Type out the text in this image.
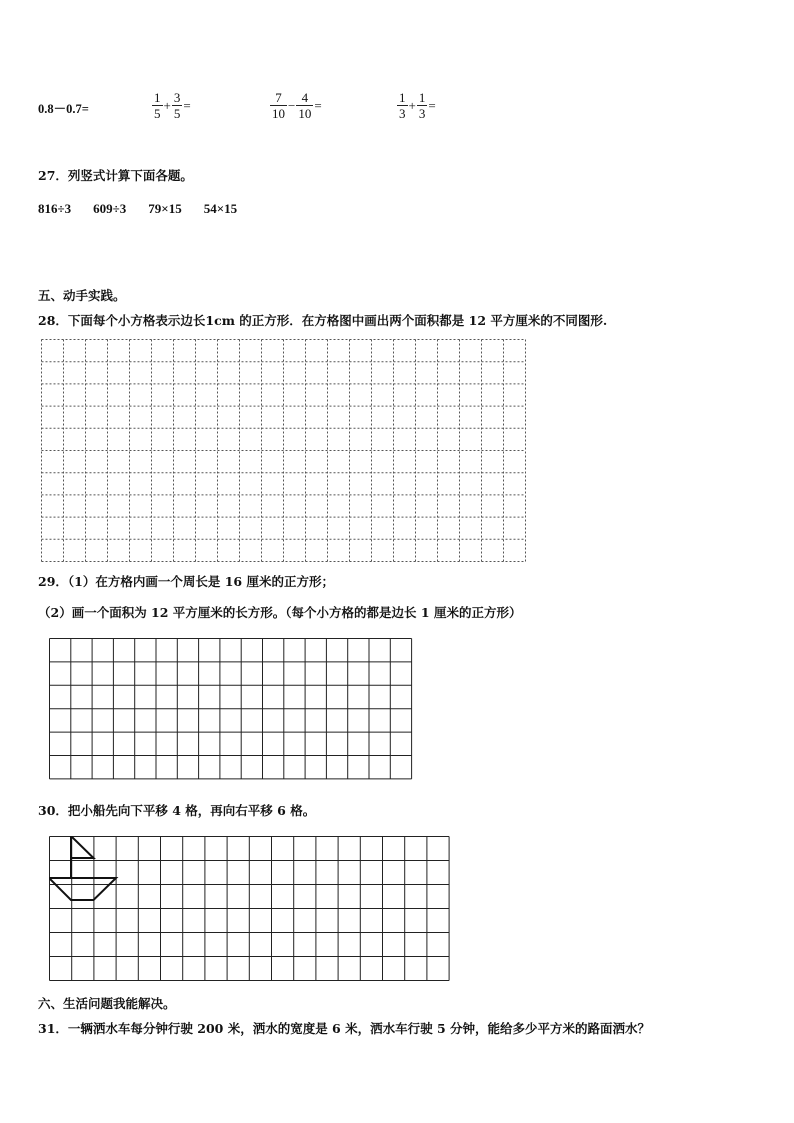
0.8－0.7=	$\frac{1}{5} + \frac{3}{5}$ =	$\frac{7}{10} - \frac{4}{10}$ =	$\frac{1}{3} + \frac{1}{3}$ =
27．列竖式计算下面各题。
816÷3 609÷3 79×15 54×15
五、动手实践。
28．下面每个小方格表示边长1cm 的正方形．在方格图中画出两个面积都是 12 平方厘米的不同图形.
29．（1）在方格内画一个周长是 16 厘米的正方形；
（2）画一个面积为 12 平方厘米的长方形。（每个小方格的都是边长 1 厘米的正方形）
30．把小船先向下平移 4 格，再向右平移 6 格。
六、生活问题我能解决。
31．一辆洒水车每分钟行驶 200 米，洒水的宽度是 6 米，洒水车行驶 5 分钟，能给多少平方米的路面洒水？
